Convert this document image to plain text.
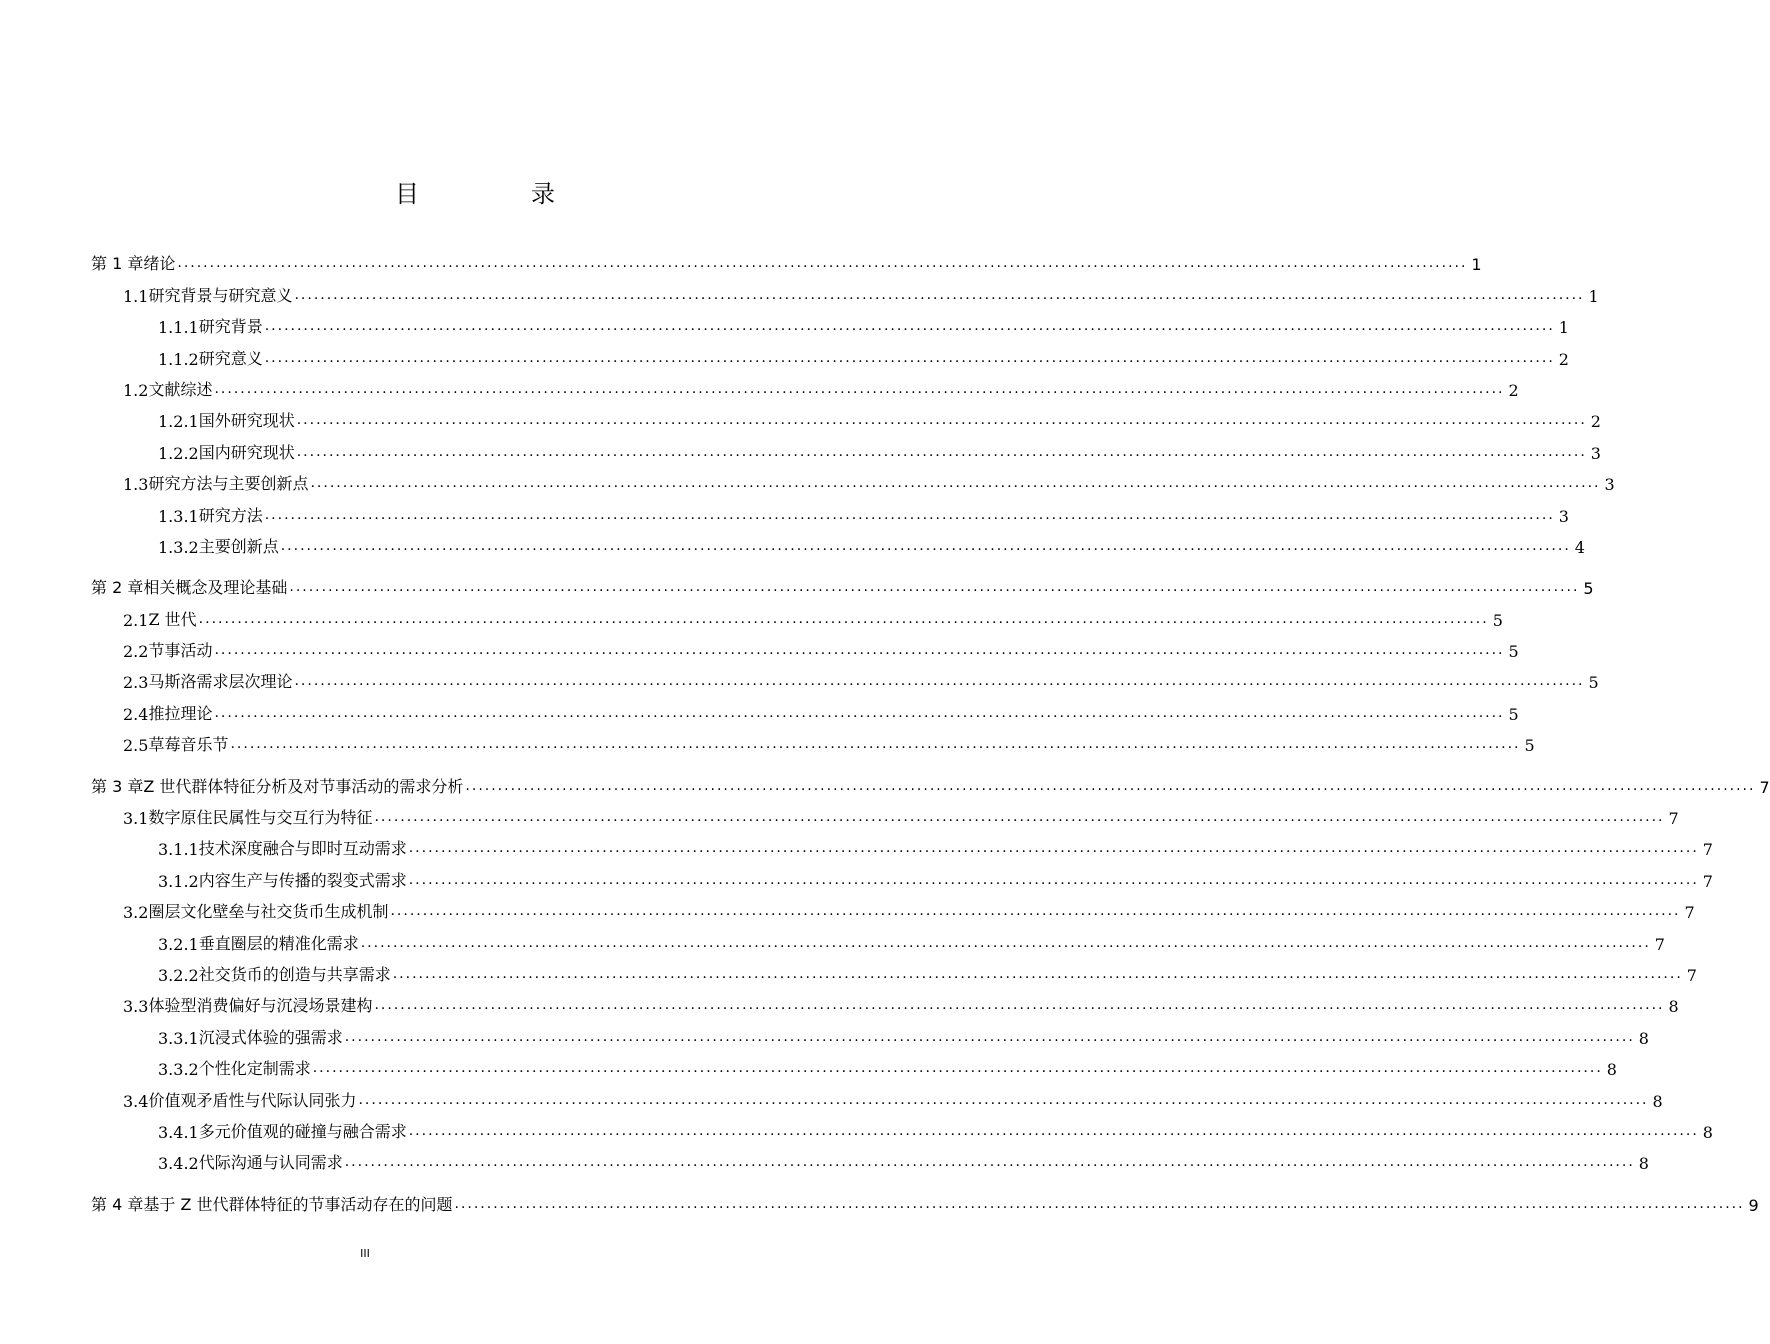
目　录
第 1 章 绪论 ........................................................................................................................................................................................................ 1
1.1 研究背景与研究意义 ........................................................................................................................................................................................................ 1
1.1.1 研究背景 ........................................................................................................................................................................................................ 1
1.1.2 研究意义 ........................................................................................................................................................................................................ 2
1.2 文献综述 ........................................................................................................................................................................................................ 2
1.2.1 国外研究现状 ........................................................................................................................................................................................................ 2
1.2.2 国内研究现状 ........................................................................................................................................................................................................ 3
1.3 研究方法与主要创新点 ........................................................................................................................................................................................................ 3
1.3.1 研究方法 ........................................................................................................................................................................................................ 3
1.3.2 主要创新点 ........................................................................................................................................................................................................ 4
第 2 章 相关概念及理论基础 ........................................................................................................................................................................................................ 5
2.1 Z 世代 ........................................................................................................................................................................................................ 5
2.2 节事活动 ........................................................................................................................................................................................................ 5
2.3 马斯洛需求层次理论 ........................................................................................................................................................................................................ 5
2.4 推拉理论 ........................................................................................................................................................................................................ 5
2.5 草莓音乐节 ........................................................................................................................................................................................................ 5
第 3 章 Z 世代群体特征分析及对节事活动的需求分析 ........................................................................................................................................................................................................ 7
3.1 数字原住民属性与交互行为特征 ........................................................................................................................................................................................................ 7
3.1.1 技术深度融合与即时互动需求 ........................................................................................................................................................................................................ 7
3.1.2 内容生产与传播的裂变式需求 ........................................................................................................................................................................................................ 7
3.2 圈层文化壁垒与社交货币生成机制 ........................................................................................................................................................................................................ 7
3.2.1 垂直圈层的精准化需求 ........................................................................................................................................................................................................ 7
3.2.2 社交货币的创造与共享需求 ........................................................................................................................................................................................................ 7
3.3 体验型消费偏好与沉浸场景建构 ........................................................................................................................................................................................................ 8
3.3.1 沉浸式体验的强需求 ........................................................................................................................................................................................................ 8
3.3.2 个性化定制需求 ........................................................................................................................................................................................................ 8
3.4 价值观矛盾性与代际认同张力 ........................................................................................................................................................................................................ 8
3.4.1 多元价值观的碰撞与融合需求 ........................................................................................................................................................................................................ 8
3.4.2 代际沟通与认同需求 ........................................................................................................................................................................................................ 8
第 4 章 基于 Z 世代群体特征的节事活动存在的问题 ........................................................................................................................................................................................................ 9
III
